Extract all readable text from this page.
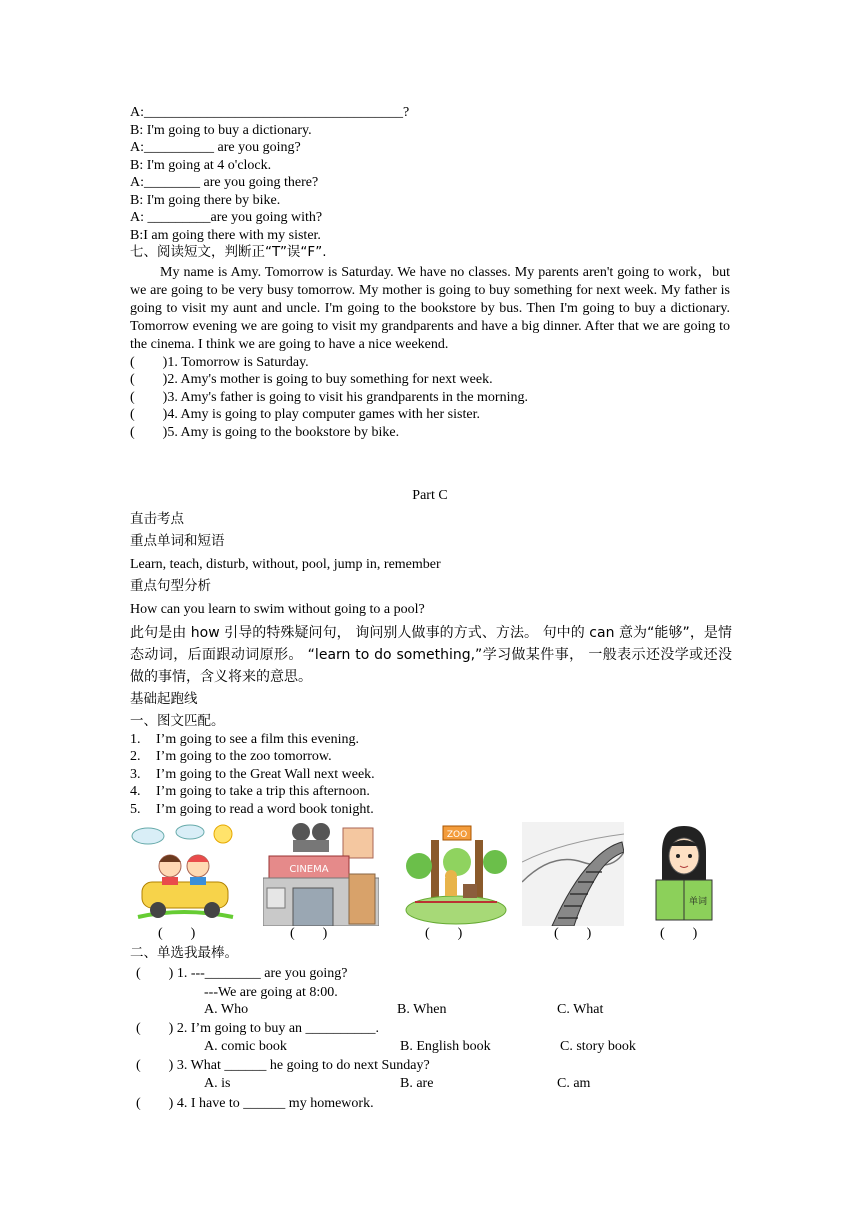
A:_____________________________________?
B: I'm going to buy a dictionary.
A:__________ are you going?
B: I'm going at 4 o'clock.
A:________ are you going there?
B: I'm going there by bike.
A: _________are you going with?
B:I am going there with my sister.
七、阅读短文，判断正“T”误“F”.
My name is Amy. Tomorrow is Saturday. We have no classes. My parents aren't going to work，but we are going to be very busy tomorrow. My mother is going to buy something for next week. My father is going to visit my aunt and uncle. I'm going to the bookstore by bus. Then I'm going to buy a dictionary. Tomorrow evening we are going to visit my grandparents and have a big dinner. After that we are going to the cinema. I think we are going to have a nice weekend.
(        )1. Tomorrow is Saturday.
(        )2. Amy's mother is going to buy something for next week.
(        )3. Amy's father is going to visit his grandparents in the morning.
(        )4. Amy is going to play computer games with her sister.
(        )5. Amy is going to the bookstore by bike.
Part C
直击考点
重点单词和短语
Learn, teach, disturb, without, pool, jump in, remember
重点句型分析
How can you learn to swim without going to a pool?
此句是由 how 引导的特殊疑问句， 询问别人做事的方式、方法。 句中的 can 意为“能够”，是情态动词，后面跟动词原形。 “learn to do something,”学习做某件事， 一般表示还没学或还没做的事情，含义将来的意思。
基础起跑线
一、图文匹配。
1. I’m going to see a film this evening.
2. I’m going to the zoo tomorrow.
3. I’m going to the Great Wall next week.
4. I’m going to take a trip this afternoon.
5. I’m going to read a word book tonight.
CINEMA
ZOO
单词
(        )	(        )	(        )	(        )	(        )
二、单选我最棒。
(        ) 1. ---________ are you going?
---We are going at 8:00.
A. Who	B. When	C. What
(        ) 2. I’m going to buy an __________.
A. comic book	B. English book	C. story book
(        ) 3. What ______ he going to do next Sunday?
A. is	B. are	C. am
(        ) 4. I have to ______ my homework.
